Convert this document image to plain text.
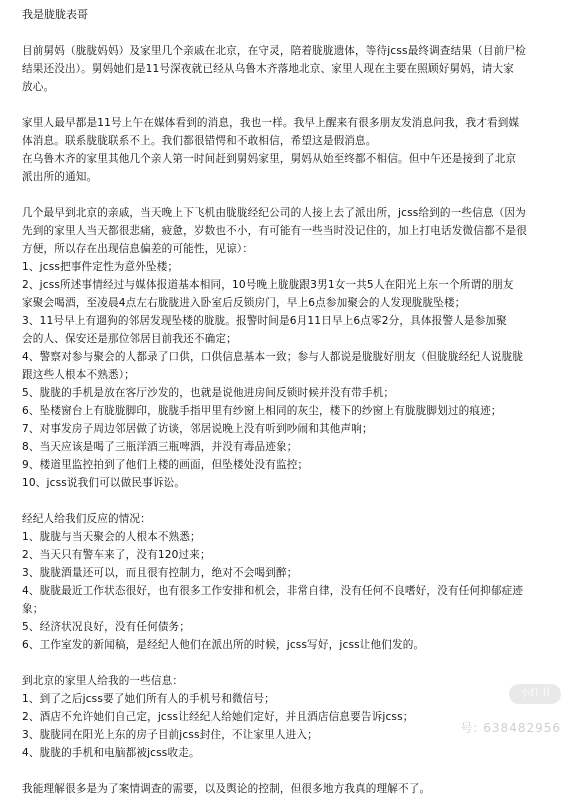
我是胧胧表哥
目前舅妈（胧胧妈妈）及家里几个亲戚在北京，在守灵，陪着胧胧遗体，等待jcss最终调查结果（目前尸检
结果还没出）。舅妈她们是11号深夜就已经从乌鲁木齐落地北京、家里人现在主要在照顾好舅妈，请大家
放心。
家里人最早都是11号上午在媒体看到的消息，我也一样。我早上醒来有很多朋友发消息问我，我才看到媒
体消息。联系胧胧联系不上。我们都很错愕和不敢相信，希望这是假消息。
在乌鲁木齐的家里其他几个亲人第一时间赶到舅妈家里，舅妈从始至终都不相信。但中午还是接到了北京
派出所的通知。
几个最早到北京的亲戚，当天晚上下飞机由胧胧经纪公司的人接上去了派出所，jcss给到的一些信息（因为
先到的家里人当天都很悲痛，疲惫，岁数也不小，有可能有一些当时没记住的，加上打电话发微信都不是很
方便，所以存在出现信息偏差的可能性，见谅）：
1、jcss把事件定性为意外坠楼；
2、jcss所述事情经过与媒体报道基本相同，10号晚上胧胧跟3男1女一共5人在阳光上东一个所谓的朋友
家聚会喝酒，至凌晨4点左右胧胧进入卧室后反锁房门，早上6点参加聚会的人发现胧胧坠楼；
3、11号早上有遛狗的邻居发现坠楼的胧胧。报警时间是6月11日早上6点零2分，具体报警人是参加聚
会的人、保安还是那位邻居目前我还不确定；
4、警察对参与聚会的人都录了口供，口供信息基本一致；参与人都说是胧胧好朋友（但胧胧经纪人说胧胧
跟这些人根本不熟悉）；
5、胧胧的手机是放在客厅沙发的，也就是说他进房间反锁时候并没有带手机；
6、坠楼窗台上有胧胧脚印，胧胧手指甲里有纱窗上相同的灰尘，楼下的纱窗上有胧胧脚划过的痕迹；
7、对事发房子周边邻居做了访谈，邻居说晚上没有听到吵闹和其他声响；
8、当天应该是喝了三瓶洋酒三瓶啤酒，并没有毒品迹象；
9、楼道里监控拍到了他们上楼的画面，但坠楼处没有监控；
10、jcss说我们可以做民事诉讼。
经纪人给我们反应的情况：
1、胧胧与当天聚会的人根本不熟悉；
2、当天只有警车来了，没有120过来；
3、胧胧酒量还可以，而且很有控制力，绝对不会喝到醉；
4、胧胧最近工作状态很好，也有很多工作安排和机会，非常自律，没有任何不良嗜好，没有任何抑郁症迹
象；
5、经济状况良好，没有任何债务；
6、工作室发的新闻稿，是经纪人他们在派出所的时候，jcss写好，jcss让他们发的。
到北京的家里人给我的一些信息：
1、到了之后jcss要了她们所有人的手机号和微信号；
2、酒店不允许她们自己定，jcss让经纪人给她们定好，并且酒店信息要告诉jcss；
3、胧胧同在阳光上东的房子目前jcss封住，不让家里人进入；
4、胧胧的手机和电脑都被jcss收走。
我能理解很多是为了案情调查的需要，以及舆论的控制，但很多地方我真的理解不了。
小红书
号: 638482956
